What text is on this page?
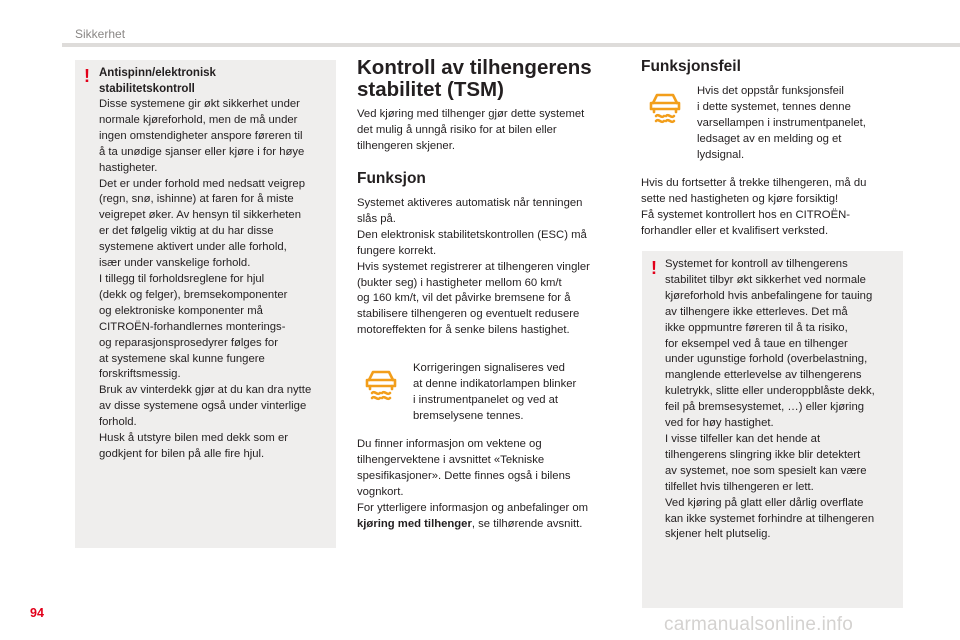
Sikkerhet
! Antispinn/elektronisk
stabilitetskontroll
Disse systemene gir økt sikkerhet under
normale kjøreforhold, men de må under
ingen omstendigheter anspore føreren til
å ta unødige sjanser eller kjøre i for høye
hastigheter.
Det er under forhold med nedsatt veigrep
(regn, snø, ishinne) at faren for å miste
veigrepet øker. Av hensyn til sikkerheten
er det følgelig viktig at du har disse
systemene aktivert under alle forhold,
især under vanskelige forhold.
I tillegg til forholdsreglene for hjul
(dekk og felger), bremsekomponenter
og elektroniske komponenter må
CITROËN-forhandlernes monterings-
og reparasjonsprosedyrer følges for
at systemene skal kunne fungere
forskriftsmessig.
Bruk av vinterdekk gjør at du kan dra nytte
av disse systemene også under vinterlige
forhold.
Husk å utstyre bilen med dekk som er
godkjent for bilen på alle fire hjul.
Kontroll av tilhengerens
stabilitet (TSM)
Ved kjøring med tilhenger gjør dette systemet
det mulig å unngå risiko for at bilen eller
tilhengeren skjener.
Funksjon
Systemet aktiveres automatisk når tenningen
slås på.
Den elektronisk stabilitetskontrollen (ESC) må
fungere korrekt.
Hvis systemet registrerer at tilhengeren vingler
(bukter seg) i hastigheter mellom 60 km/t
og 160 km/t, vil det påvirke bremsene for å
stabilisere tilhengeren og eventuelt redusere
motoreffekten for å senke bilens hastighet.
Korrigeringen signaliseres ved
at denne indikatorlampen blinker
i instrumentpanelet og ved at
bremselysene tennes.
Du finner informasjon om vektene og
tilhengervektene i avsnittet «Tekniske
spesifikasjoner». Dette finnes også i bilens
vognkort.
For ytterligere informasjon og anbefalinger om
kjøring med tilhenger, se tilhørende avsnitt.
Funksjonsfeil
Hvis det oppstår funksjonsfeil
i dette systemet, tennes denne
varsellampen i instrumentpanelet,
ledsaget av en melding og et
lydsignal.
Hvis du fortsetter å trekke tilhengeren, må du
sette ned hastigheten og kjøre forsiktig!
Få systemet kontrollert hos en CITROËN-
forhandler eller et kvalifisert verksted.
! Systemet for kontroll av tilhengerens
stabilitet tilbyr økt sikkerhet ved normale
kjøreforhold hvis anbefalingene for tauing
av tilhengere ikke etterleves. Det må
ikke oppmuntre føreren til å ta risiko,
for eksempel ved å taue en tilhenger
under ugunstige forhold (overbelastning,
manglende etterlevelse av tilhengerens
kuletrykk, slitte eller underoppblåste dekk,
feil på bremsesystemet, …) eller kjøring
ved for høy hastighet.
I visse tilfeller kan det hende at
tilhengerens slingring ikke blir detektert
av systemet, noe som spesielt kan være
tilfellet hvis tilhengeren er lett.
Ved kjøring på glatt eller dårlig overflate
kan ikke systemet forhindre at tilhengeren
skjener helt plutselig.
94
carmanualsonline.info
